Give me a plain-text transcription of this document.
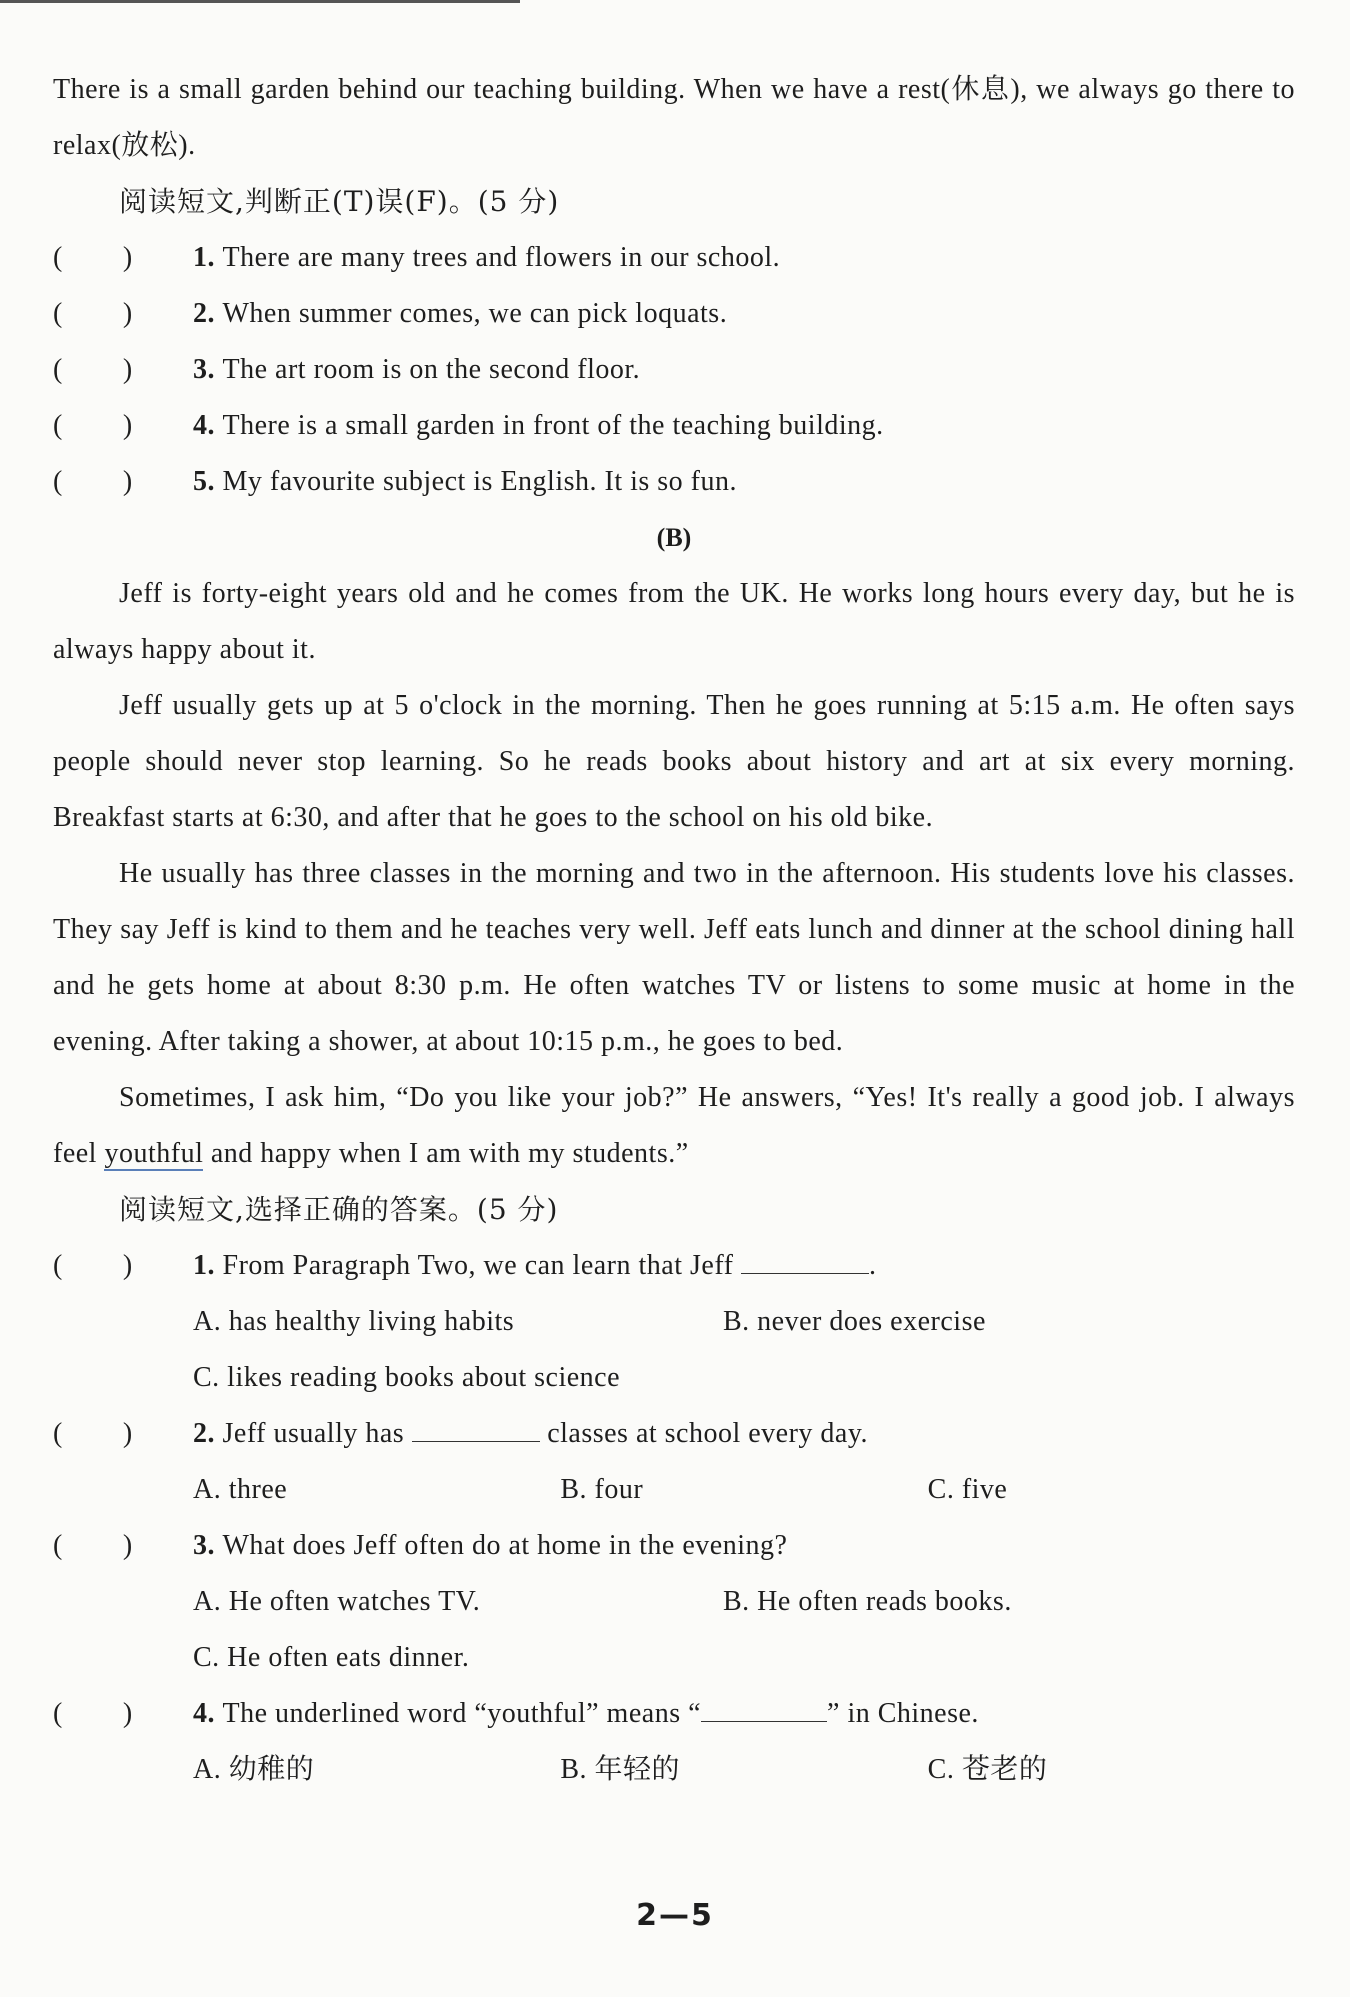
There is a small garden behind our teaching building. When we have a rest(休息), we always go there to relax(放松).

阅读短文,判断正(T)误(F)。(5 分)
(        )	1.
There are many trees and flowers in our school.
(        )	2.
When summer comes, we can pick loquats.
(        )	3.
The art room is on the second floor.
(        )	4.
There is a small garden in front of the teaching building.
(        )	5.
My favourite subject is English. It is so fun.
(B)

Jeff is forty-eight years old and he comes from the UK. He works long hours every day, but he is always happy about it.

Jeff usually gets up at 5 o'clock in the morning. Then he goes running at 5:15 a.m. He often says people should never stop learning. So he reads books about history and art at six every morning. Breakfast starts at 6:30, and after that he goes to the school on his old bike.

He usually has three classes in the morning and two in the afternoon. His students love his classes. They say Jeff is kind to them and he teaches very well. Jeff eats lunch and dinner at the school dining hall and he gets home at about 8:30 p.m. He often watches TV or listens to some music at home in the evening. After taking a shower, at about 10:15 p.m., he goes to bed.

Sometimes, I ask him, “Do you like your job?” He answers, “Yes! It's really a good job. I always feel youthful and happy when I am with my students.”

阅读短文,选择正确的答案。(5 分)
(        )	1.
From Paragraph Two, we can learn that Jeff	.
A. has healthy living habits	B. never does exercise
C. likes reading books about science
(        )	2.
Jeff usually has	classes at school every day.
A. three	B. four	C. five
(        )	3.
What does Jeff often do at home in the evening?
A. He often watches TV.	B. He often reads books.
C. He often eats dinner.
(        )	4.
The underlined word “youthful” means “	” in Chinese.
A. 幼稚的	B. 年轻的	C. 苍老的
2—5
